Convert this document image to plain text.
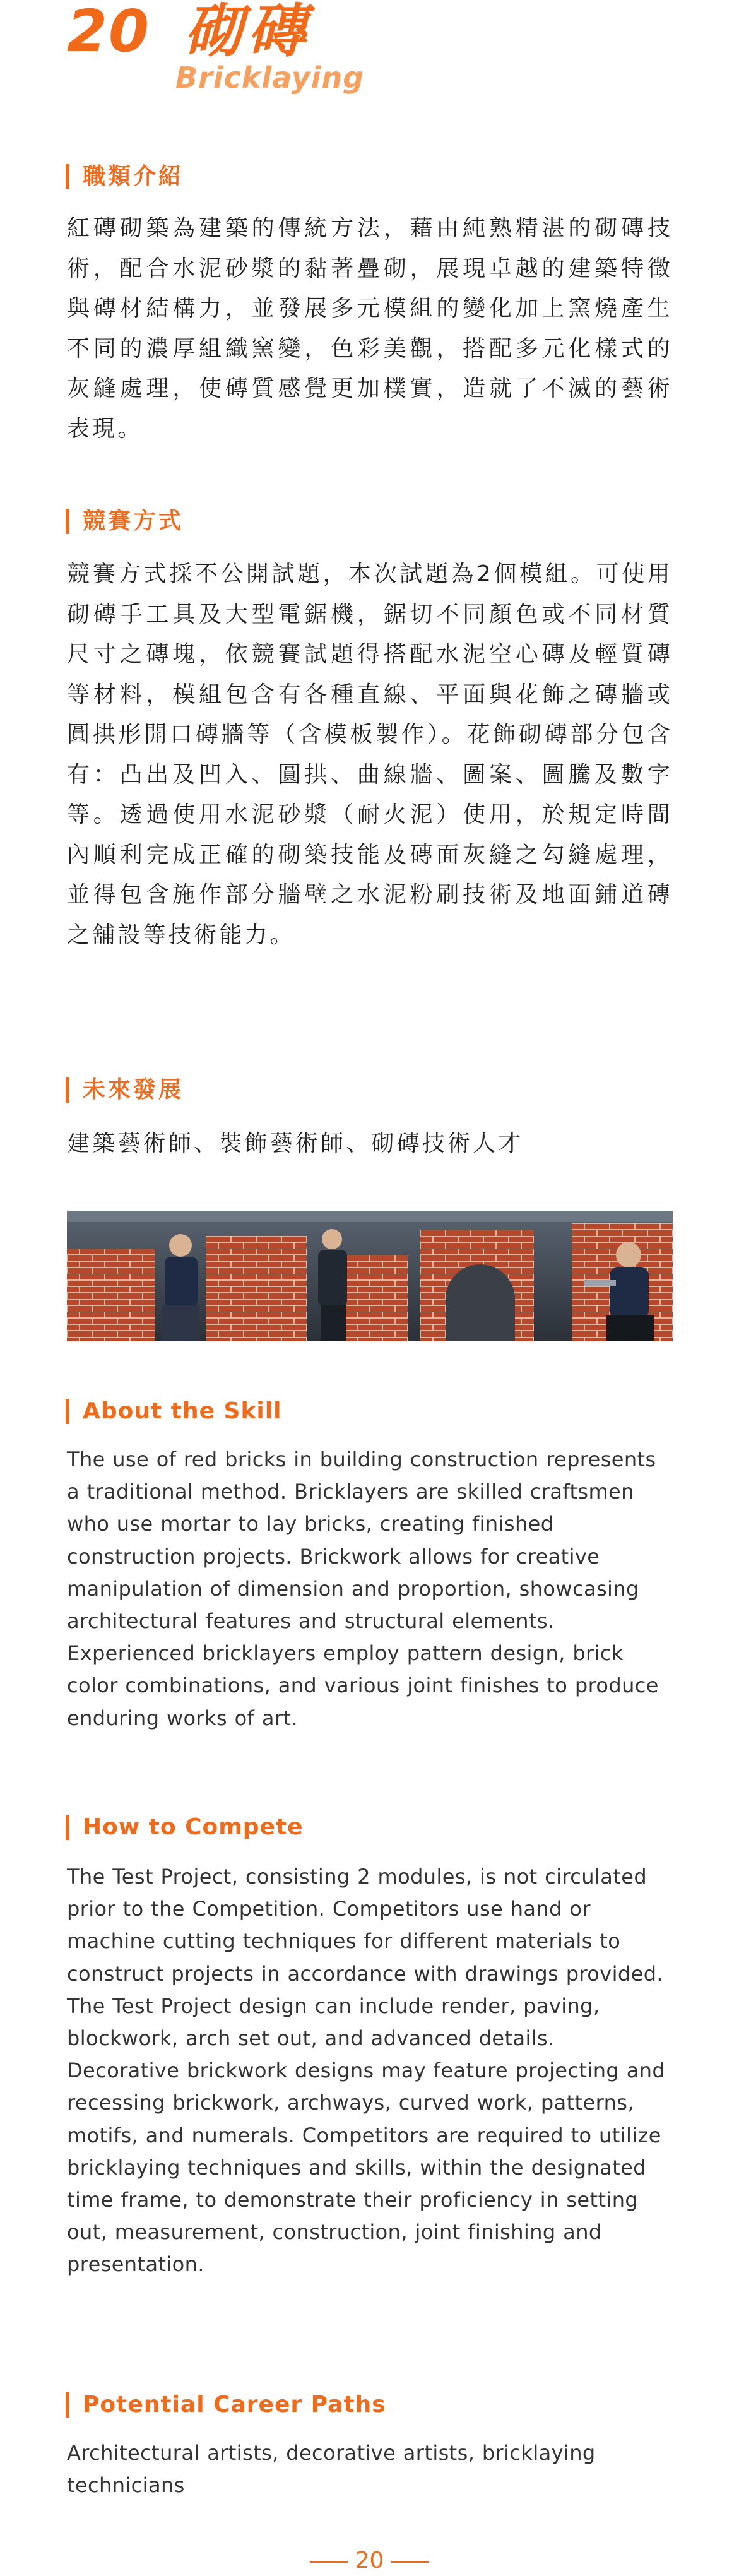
20 砌磚
Bricklaying
職類介紹

紅磚砌築為建築的傳統方法，藉由純熟精湛的砌磚技術，配合水泥砂漿的黏著疊砌，展現卓越的建築特徵與磚材結構力，並發展多元模組的變化加上窯燒產生不同的濃厚組織窯變，色彩美觀，搭配多元化樣式的灰縫處理，使磚質感覺更加樸實，造就了不滅的藝術表現。

競賽方式

競賽方式採不公開試題，本次試題為2個模組。可使用砌磚手工具及大型電鋸機，鋸切不同顏色或不同材質尺寸之磚塊，依競賽試題得搭配水泥空心磚及輕質磚等材料，模組包含有各種直線、平面與花飾之磚牆或圓拱形開口磚牆等（含模板製作）。花飾砌磚部分包含有：凸出及凹入、圓拱、曲線牆、圖案、圖騰及數字等。透過使用水泥砂漿（耐火泥）使用，於規定時間內順利完成正確的砌築技能及磚面灰縫之勾縫處理，並得包含施作部分牆壁之水泥粉刷技術及地面鋪道磚之舖設等技術能力。

未來發展

建築藝術師、裝飾藝術師、砌磚技術人才

About the Skill

The use of red bricks in building construction represents a traditional method. Bricklayers are skilled craftsmen who use mortar to lay bricks, creating finished construction projects. Brickwork allows for creative manipulation of dimension and proportion, showcasing architectural features and structural elements. Experienced bricklayers employ pattern design, brick color combinations, and various joint finishes to produce enduring works of art.

How to Compete

The Test Project, consisting 2 modules, is not circulated prior to the Competition. Competitors use hand or machine cutting techniques for different materials to construct projects in accordance with drawings provided. The Test Project design can include render, paving, blockwork, arch set out, and advanced details. Decorative brickwork designs may feature projecting and recessing brickwork, archways, curved work, patterns, motifs, and numerals. Competitors are required to utilize bricklaying techniques and skills, within the designated time frame, to demonstrate their proficiency in setting out, measurement, construction, joint finishing and presentation.

Potential Career Paths

Architectural artists, decorative artists, bricklaying technicians

20
